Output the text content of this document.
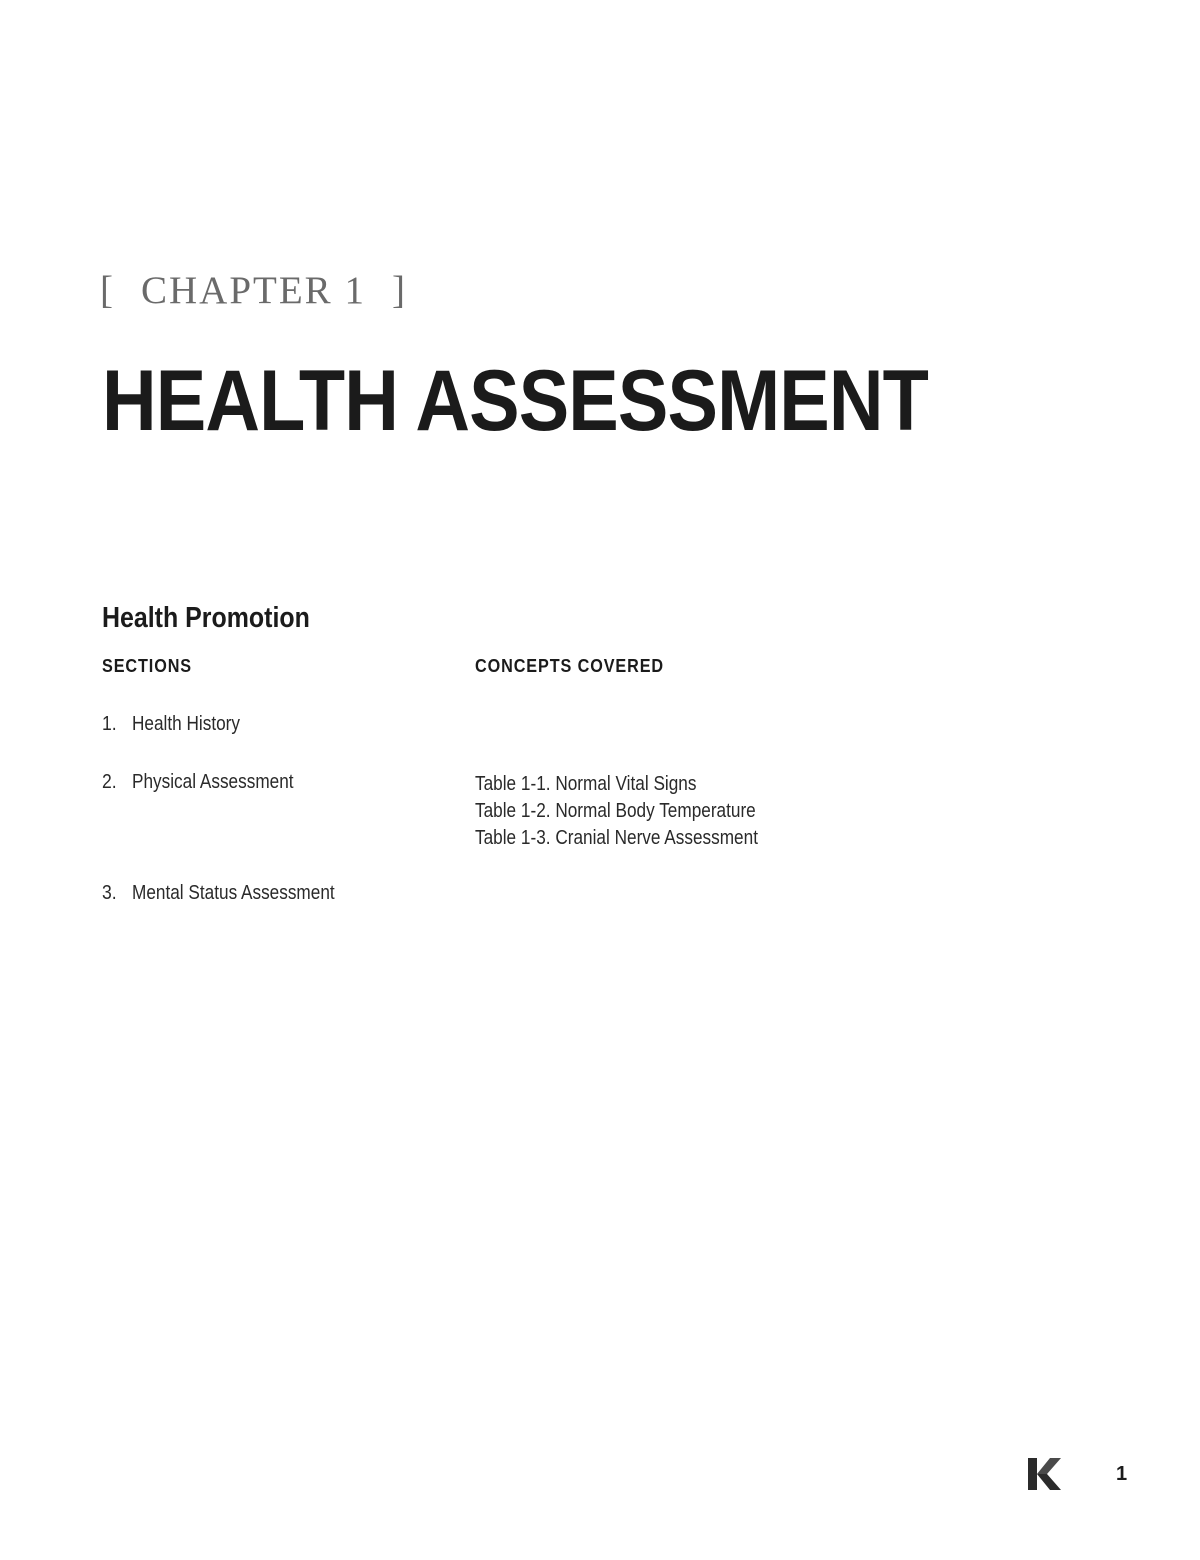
[ CHAPTER 1 ]
HEALTH ASSESSMENT
Health Promotion
SECTIONS	CONCEPTS COVERED
1. Health History
2. Physical Assessment	Table 1-1. Normal Vital Signs
Table 1-2. Normal Body Temperature
Table 1-3. Cranial Nerve Assessment
3. Mental Status Assessment
1
